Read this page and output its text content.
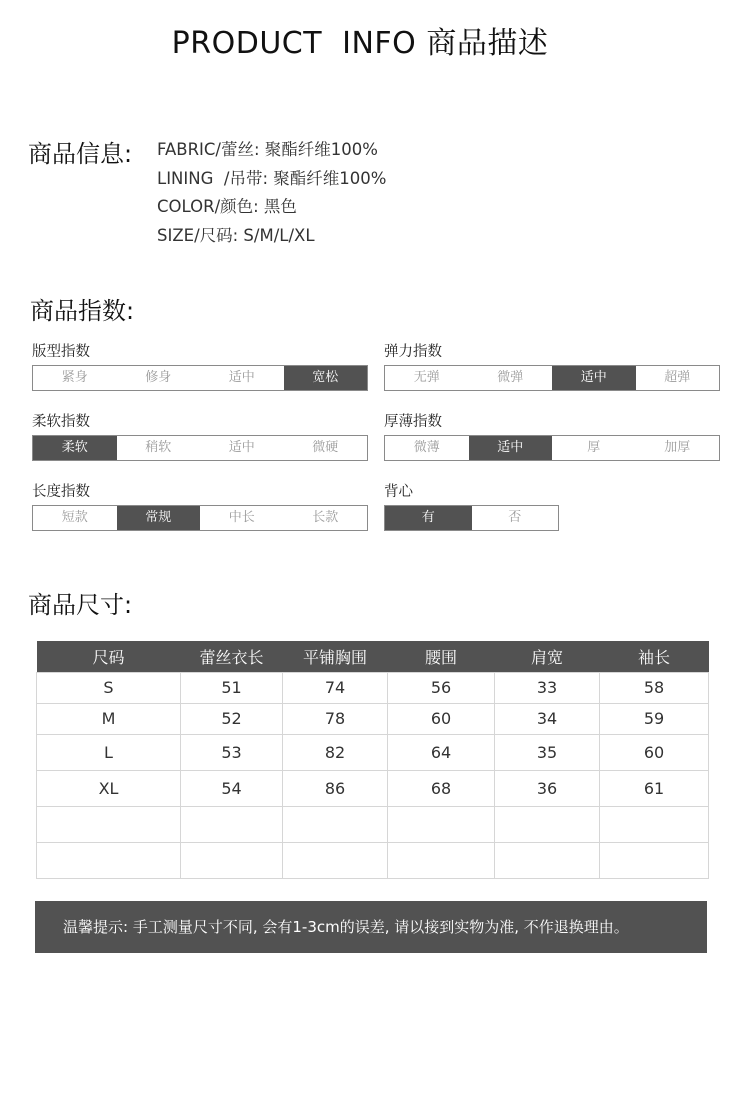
PRODUCT  INFO 商品描述
商品信息: FABRIC/蕾丝: 聚酯纤维100%
LINING  /吊带: 聚酯纤维100%
COLOR/颜色: 黑色
SIZE/尺码: S/M/L/XL
商品指数:
版型指数
紧身	修身	适中	宽松
弹力指数
无弹	微弹	适中	超弹
柔软指数
柔软	稍软	适中	微硬
厚薄指数
微薄	适中	厚	加厚
长度指数
短款	常规	中长	长款
背心
有	否
商品尺寸:
尺码	蕾丝衣长	平铺胸围	腰围	肩宽	袖长
S	51	74	56	33	58
M	52	78	60	34	59
L	53	82	64	35	60
XL	54	86	68	36	61

温馨提示: 手工测量尺寸不同, 会有1-3cm的误差, 请以接到实物为准, 不作退换理由。
